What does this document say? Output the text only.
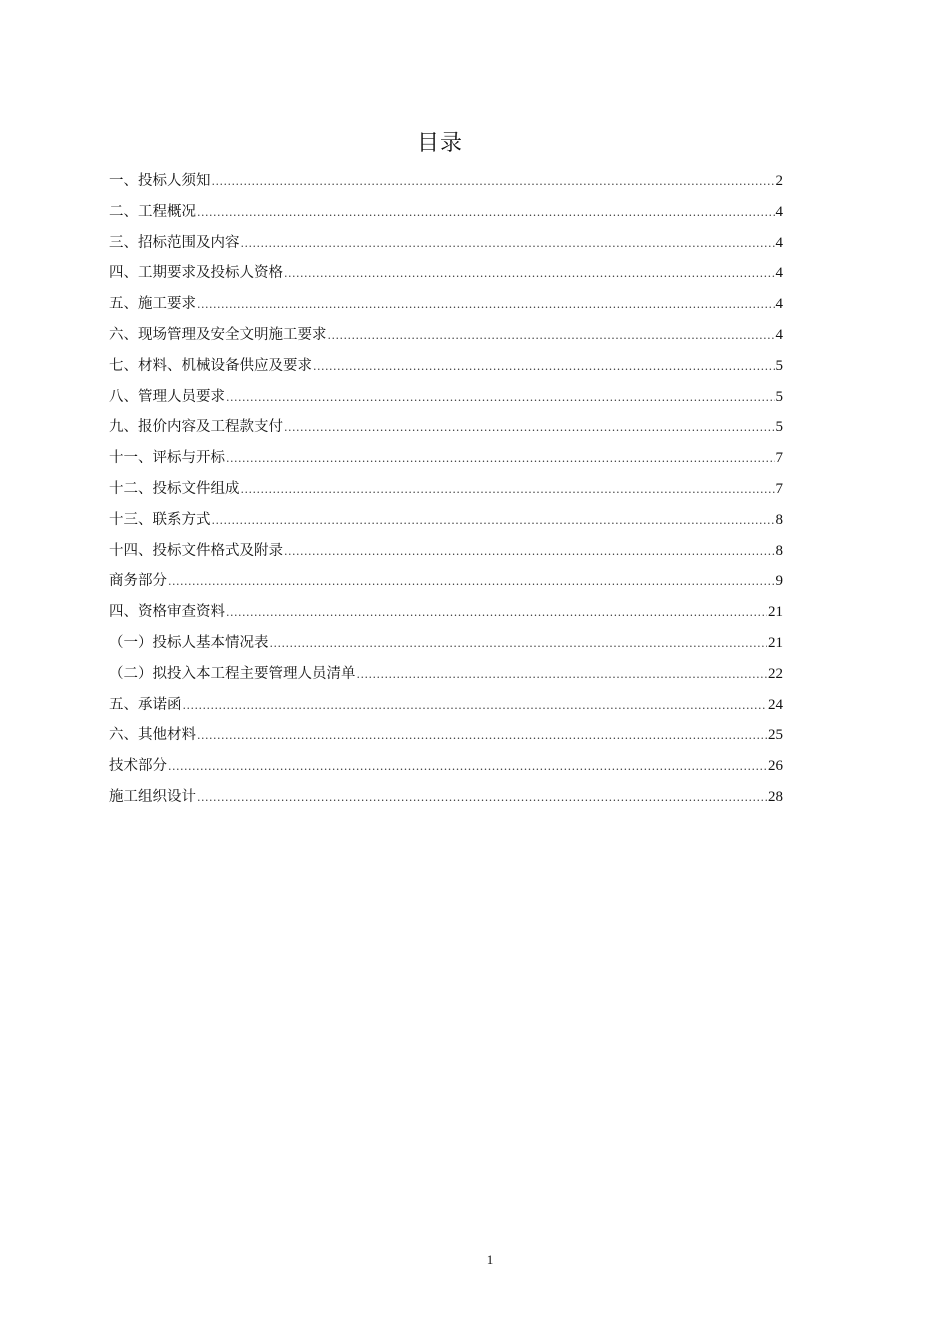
目录
一、投标人须知 .....	2
二、工程概况 .....	4
三、招标范围及内容 .....	4
四、工期要求及投标人资格 .....	4
五、施工要求 .....	4
六、现场管理及安全文明施工要求 .....	4
七、材料、机械设备供应及要求 .....	5
八、管理人员要求 .....	5
九、报价内容及工程款支付 .....	5
十一、评标与开标 .....	7
十二、投标文件组成 .....	7
十三、联系方式 .....	8
十四、投标文件格式及附录 .....	8
商务部分 .....	9
四、资格审查资料 .....	21
（一）投标人基本情况表 .....	21
（二）拟投入本工程主要管理人员清单 .....	22
五、承诺函 .....	24
六、其他材料 .....	25
技术部分 .....	26
施工组织设计 .....	28
1
